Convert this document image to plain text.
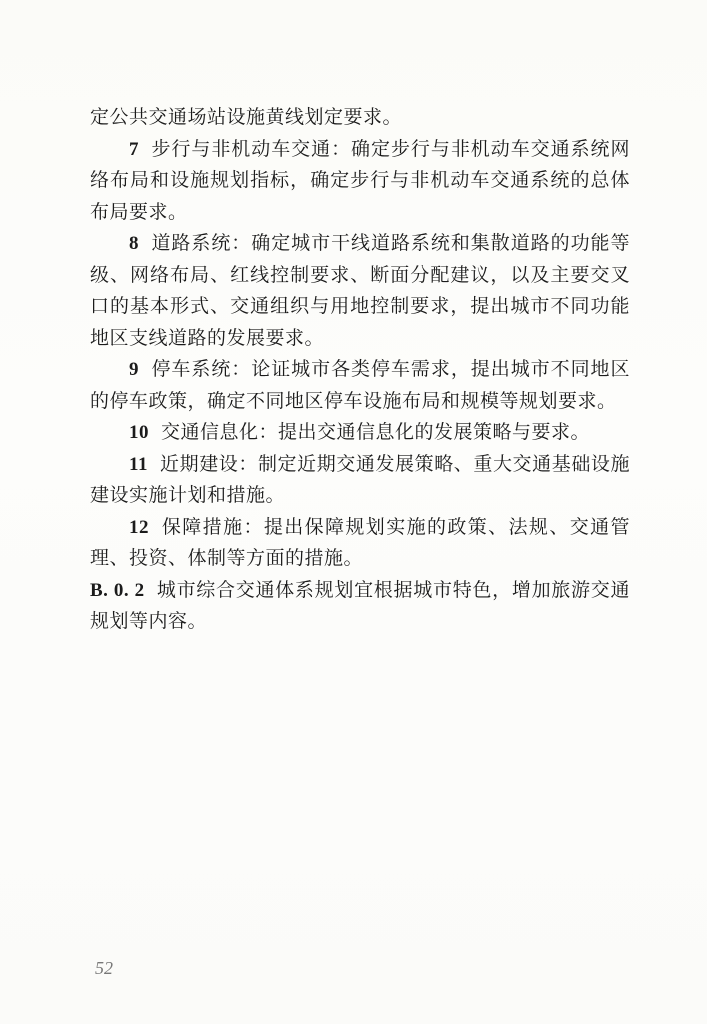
定公共交通场站设施黄线划定要求。

7 步行与非机动车交通：确定步行与非机动车交通系统网络布局和设施规划指标，确定步行与非机动车交通系统的总体布局要求。

8 道路系统：确定城市干线道路系统和集散道路的功能等级、网络布局、红线控制要求、断面分配建议，以及主要交叉口的基本形式、交通组织与用地控制要求，提出城市不同功能地区支线道路的发展要求。

9 停车系统：论证城市各类停车需求，提出城市不同地区的停车政策，确定不同地区停车设施布局和规模等规划要求。

10 交通信息化：提出交通信息化的发展策略与要求。

11 近期建设：制定近期交通发展策略、重大交通基础设施建设实施计划和措施。

12 保障措施：提出保障规划实施的政策、法规、交通管理、投资、体制等方面的措施。

B. 0. 2 城市综合交通体系规划宜根据城市特色，增加旅游交通规划等内容。

52
